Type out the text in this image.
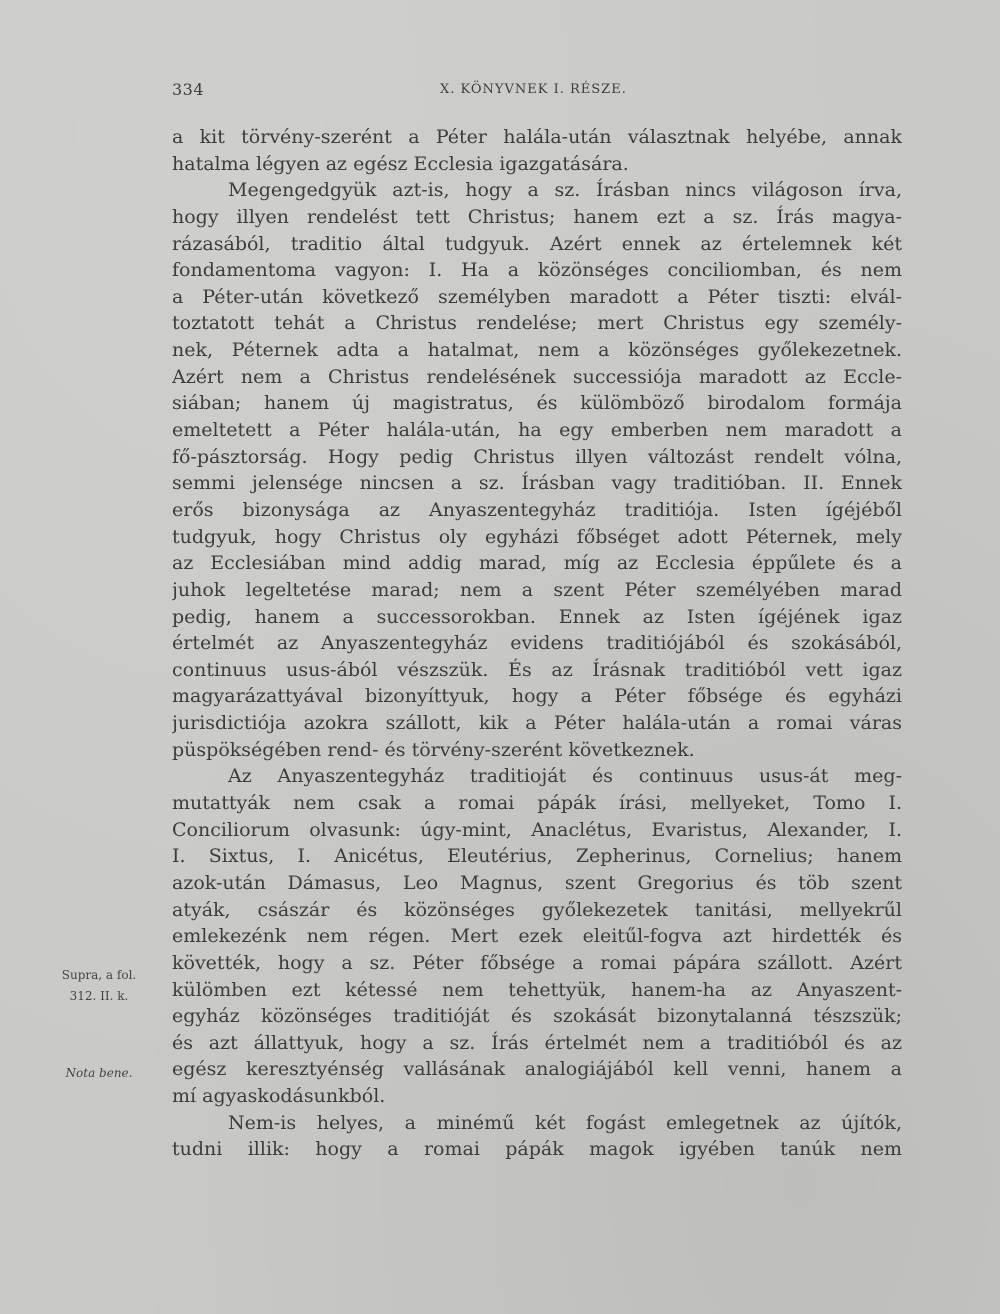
334	X. KÖNYVNEK I. RÉSZE.
a kit törvény-szerént a Péter halála-után választnak helyébe, annak
hatalma légyen az egész Ecclesia igazgatására.
Megengedgyük azt-is, hogy a sz. Írásban nincs világoson írva,
hogy illyen rendelést tett Christus; hanem ezt a sz. Írás magya-
rázasából, traditio által tudgyuk. Azért ennek az értelemnek két
fondamentoma vagyon: I. Ha a közönséges conciliomban, és nem
a Péter-után következő személyben maradott a Péter tiszti: elvál-
toztatott tehát a Christus rendelése; mert Christus egy személy-
nek, Péternek adta a hatalmat, nem a közönséges győlekezetnek.
Azért nem a Christus rendelésének successiója maradott az Eccle-
siában; hanem új magistratus, és külömböző birodalom formája
emeltetett a Péter halála-után, ha egy emberben nem maradott a
fő-pásztorság. Hogy pedig Christus illyen változást rendelt vólna,
semmi jelensége nincsen a sz. Írásban vagy traditióban. II. Ennek
erős bizonysága az Anyaszentegyház traditiója. Isten ígéjéből
tudgyuk, hogy Christus oly egyházi főbséget adott Péternek, mely
az Ecclesiában mind addig marad, míg az Ecclesia éppűlete és a
juhok legeltetése marad; nem a szent Péter személyében marad
pedig, hanem a successorokban. Ennek az Isten ígéjének igaz
értelmét az Anyaszentegyház evidens traditiójából és szokásából,
continuus usus-ából vészszük. És az Írásnak traditióból vett igaz
magyarázattyával bizonyíttyuk, hogy a Péter főbsége és egyházi
jurisdictiója azokra szállott, kik a Péter halála-után a romai váras
püspökségében rend- és törvény-szerént következnek.
Az Anyaszentegyház traditioját és continuus usus-át meg-
mutattyák nem csak a romai pápák írási, mellyeket, Tomo I.
Conciliorum olvasunk: úgy-mint, Anaclétus, Evaristus, Alexander, I.
I. Sixtus, I. Anicétus, Eleutérius, Zepherinus, Cornelius; hanem
azok-után Dámasus, Leo Magnus, szent Gregorius és töb szent
atyák, császár és közönséges győlekezetek tanitási, mellyekrűl
emlekezénk nem régen. Mert ezek eleitűl-fogva azt hirdették és
követték, hogy a sz. Péter főbsége a romai pápára szállott. Azért
külömben ezt kétessé nem tehettyük, hanem-ha az Anyaszent-
egyház közönséges traditióját és szokását bizonytalanná tészszük;
és azt állattyuk, hogy a sz. Írás értelmét nem a traditióból és az
egész keresztyénség vallásának analogiájából kell venni, hanem a
mí agyaskodásunkból.
Nem-is helyes, a minémű két fogást emlegetnek az újítók,
tudni illik: hogy a romai pápák magok igyében tanúk nem
Supra, a fol.
312. II. k.
Nota bene.
